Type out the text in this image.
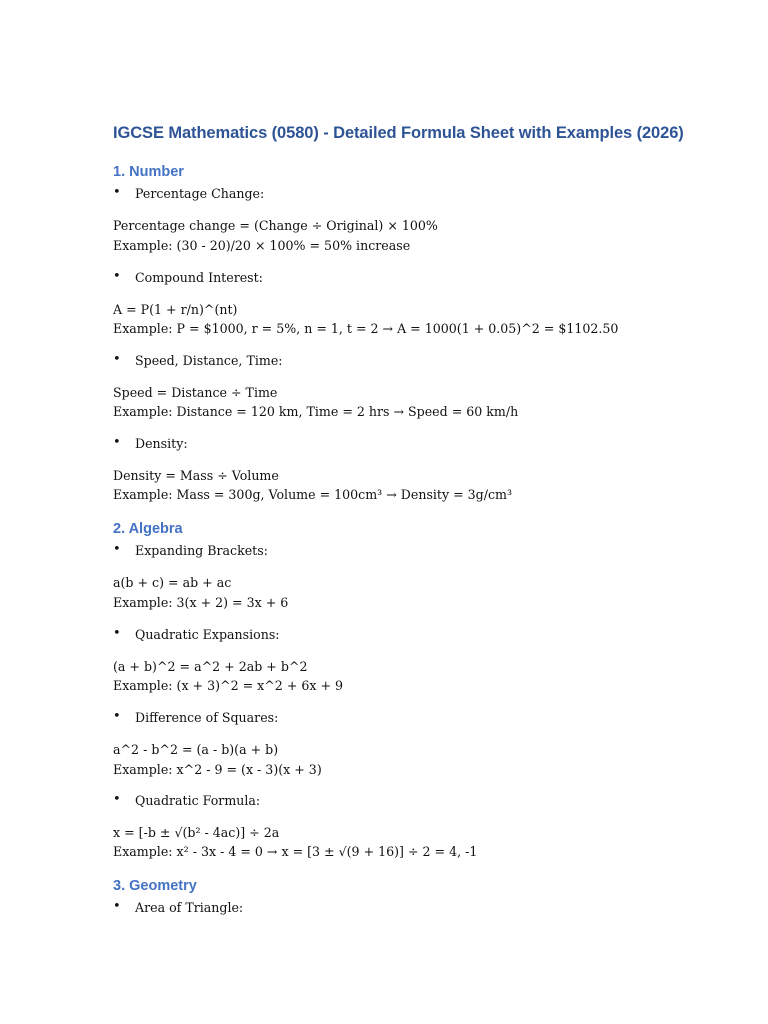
IGCSE Mathematics (0580) - Detailed Formula Sheet with Examples (2026)
1. Number
• Percentage Change:
Percentage change = (Change ÷ Original) × 100%
Example: (30 - 20)/20 × 100% = 50% increase
• Compound Interest:
A = P(1 + r/n)^(nt)
Example: P = $1000, r = 5%, n = 1, t = 2 → A = 1000(1 + 0.05)^2 = $1102.50
• Speed, Distance, Time:
Speed = Distance ÷ Time
Example: Distance = 120 km, Time = 2 hrs → Speed = 60 km/h
• Density:
Density = Mass ÷ Volume
Example: Mass = 300g, Volume = 100cm³ → Density = 3g/cm³
2. Algebra
• Expanding Brackets:
a(b + c) = ab + ac
Example: 3(x + 2) = 3x + 6
• Quadratic Expansions:
(a + b)^2 = a^2 + 2ab + b^2
Example: (x + 3)^2 = x^2 + 6x + 9
• Difference of Squares:
a^2 - b^2 = (a - b)(a + b)
Example: x^2 - 9 = (x - 3)(x + 3)
• Quadratic Formula:
x = [-b ± √(b² - 4ac)] ÷ 2a
Example: x² - 3x - 4 = 0 → x = [3 ± √(9 + 16)] ÷ 2 = 4, -1
3. Geometry
• Area of Triangle:
